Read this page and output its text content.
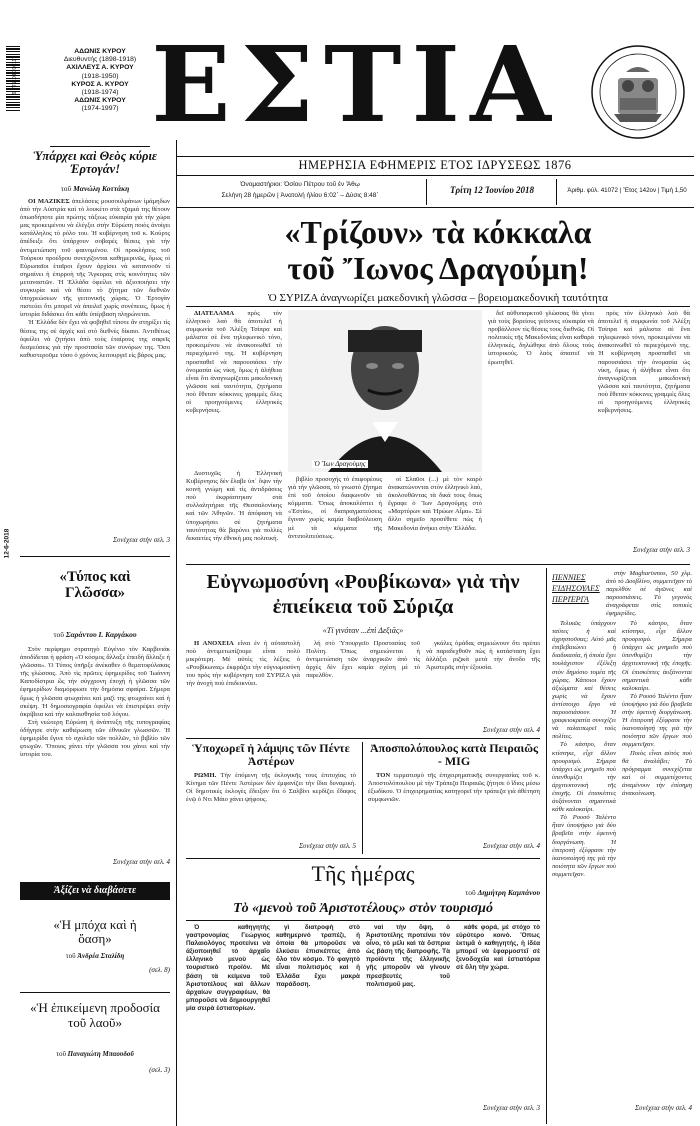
9 771109 700117
ΑΔΩΝΙΣ ΚΥΡΟΥ
Διευθυντής (1898-1918)
ΑΧΙΛΛΕΥΣ Α. ΚΥΡΟΥ
(1918-1950)
ΚΥΡΟΣ Α. ΚΥΡΟΥ
(1918-1974)
ΑΔΩΝΙΣ ΚΥΡΟΥ
(1974-1997) ΕΣΤΙΑ
ΗΜΕΡΗΣΙΑ ΕΦΗΜΕΡΙΣ ΕΤΟΣ ΙΔΡΥΣΕΩΣ 1876
Ὀνομαστήριοι: Ὁσίου Πέτρου τοῦ ἐν Ἄθῳ
Σελήνη 28 ἡμερῶν | Ἀνατολή ἡλίου 6:02΄ – Δύσις 8:48΄
Τρίτη 12 Ἰουνίου 2018	Ἀριθμ. φύλ. 41072 | Ἔτος 142ον | Τιμή 1,50
12-6-2018
Ὑπάρχει καὶ Θεὸς κύριε Ἐρτογάν!
τοῦ Μανώλη Κοττάκη

ΟΙ ΜΑΖΙΚΕΣ ἀπελάσεις μουσουλμάνων ἰμάμηδων ἀπὸ τὴν Αὐστρία καὶ τὸ λουκέτο στὰ τζαμιά της θέτουν ὁπωσδήποτε μία πρώτης τάξεως εὐκαιρία γιὰ τὴν χώρα μας προκειμένου νὰ ἐλέγξει στὴν Εὐρώπη ποιὸς ἀνοίγει κατάλληλος τὸ ρόλο του. Ἡ κυβέρνηση τοῦ κ. Κούρτς ἀπέδειξε ὅτι ὑπάρχουν σοβαρὲς θέσεις γιὰ τὴν ἀντιμετώπιση τοῦ φαινομένου. Οἱ προκλήσεις τοῦ Τούρκου προέδρου συνεχίζονται καθημερινῶς, ὅμως οἱ Εὐρωπαῖοι ἑταῖροι ἔχουν ἀρχίσει νὰ κατανοοῦν τί σημαίνει ἡ ἐπιρροὴ τῆς Ἄγκυρας στὶς κοινότητες τῶν μεταναστῶν. Ἡ Ἑλλάδα ὀφείλει νὰ ἀξιοποιήσει τὴν συγκυρία καὶ νὰ θέσει τὸ ζήτημα τῶν διεθνῶν ὑποχρεώσεων τῆς γειτονικῆς χώρας. Ὁ Ἐρτογὰν πιστεύει ὅτι μπορεῖ νὰ ἀπειλεῖ χωρὶς συνέπειες, ὅμως ἡ ἱστορία διδάσκει ὅτι κάθε ὑπέρβαση πληρώνεται.

Ἡ Ἑλλάδα δὲν ἔχει νὰ φοβηθεῖ τίποτε ἂν στηρίξει τὶς θέσεις της σὲ ἀρχὲς καὶ στὸ διεθνὲς δίκαιο. Ἀντιθέτως ὀφείλει νὰ ζητήσει ἀπὸ τοὺς ἑταίρους της σαφεῖς δεσμεύσεις γιὰ τὴν προστασία τῶν συνόρων της. Ὅσο καθυστεροῦμε τόσο ὁ χρόνος λειτουργεῖ εἰς βάρος μας.

Συνέχεια στὴν σελ. 3
«Τύπος καὶ Γλῶσσα»
τοῦ Σαράντου Ι. Καργάκου

Στὸν περίφημο στρατηγὸ Εὐγένιο τὸν Καρβινιάκ ἀποδίδεται ἡ φράση «Ὁ κόσμος ἄλλαξε ἐπειδὴ ἄλλαξε ἡ γλῶσσα». Ὁ Τύπος ὑπῆρξε ἀνέκαθεν ὁ θεματοφύλακας τῆς γλώσσας. Ἀπὸ τὶς πρῶτες ἐφημερίδες τοῦ Ἰωάννη Καποδίστρια ὣς τὴν σύγχρονη ἐποχὴ ἡ γλῶσσα τῶν ἐφημερίδων διαμόρφωσε τὴν δημόσια σφαίρα. Σήμερα ὅμως ἡ γλῶσσα φτωχαίνει καὶ μαζὶ της φτωχαίνει καὶ ἡ σκέψη. Ἡ δημοσιογραφία ὀφείλει νὰ ἐπιστρέψει στὴν ἀκρίβεια καὶ τὴν καλαισθησία τοῦ λόγου.

Στὴ νεώτερη Εὐρώπη ἡ ἀνάπτυξη τῆς τυπογραφίας ὁδήγησε στὴν καθιέρωση τῶν ἐθνικῶν γλωσσῶν. Ἡ ἐφημερίδα ἔγινε τὸ σχολεῖο τῶν πολλῶν, τὸ βιβλίο τῶν φτωχῶν. Ὅποιος χάνει τὴν γλῶσσα του χάνει καὶ τὴν ἱστορία του.

Συνέχεια στὴν σελ. 4
Ἀξίζει νὰ διαβάσετε
«Ἡ μπόχα καὶ ἡ ὄαση»
τοῦ Ἀνδρέα Σταλίδη
(σελ. 8)
«Ἡ ἐπικείμενη προδοσία τοῦ λαοῦ»
τοῦ Παναγιώτη Μπαουδοῦ
(σελ. 3)
«Τρίζουν» τὰ κόκκαλα
τοῦ Ἴωνος Δραγούμη!
Ὁ ΣΥΡΙΖΑ ἀναγνωρίζει μακεδονικὴ γλῶσσα – βορειομακεδονικὴ ταυτότητα

ΔΙΑΤΕΛΑΜΑ πρὸς τὸν ἑλληνικὸ λαὸ θὰ ἀποτελεῖ ἡ συμφωνία τοῦ Ἀλέξη Τσίπρα καὶ μάλιστα σὲ ἕνα τηλεφωνικὸ τόνο, προκειμένου νὰ ἀνακοινωθεῖ τὸ περιεχόμενό της. Ἡ κυβέρνηση προσπαθεῖ νὰ παρουσιάσει τὴν ὀνομασία ὡς νίκη, ὅμως ἡ ἀλήθεια εἶναι ὅτι ἀναγνωρίζεται μακεδονικὴ γλῶσσα καὶ ταυτότητα, ζητήματα ποὺ ἔθεταν κόκκινες γραμμὲς ὅλες οἱ προηγούμενες ἑλληνικὲς κυβερνήσεις.

Δυστυχῶς ἡ Ἑλληνικὴ Κυβέρνησις δὲν ἔλαβε ὑπ᾽ ὄψιν τὴν κοινὴ γνώμη καὶ τὶς ἀντιδράσεις ποὺ ἐκφράστηκαν στὰ συλλαλητήρια τῆς Θεσσαλονίκης καὶ τῶν Ἀθηνῶν. Ἡ ἀπόφαση νὰ ὑποχωρήσει σὲ ζητήματα ταυτότητας θὰ βαρύνει γιὰ πολλὲς δεκαετίες τὴν ἐθνικὴ μας πολιτική.

Ὁ Ἴων Δραγούμης

βιβλίο προσοχής τὸ ἐπιφορέους γιὰ τὴν γλῶσσα, τὸ γνωστὸ ζήτημα ἐπὶ τοῦ ὁποίου διαφωνοῦν τὰ κόμματα. Ὅπως ἀποκαλύπτει ἡ «Ἑστία», οἱ διαπραγματεύσεις ἔγιναν χωρὶς καμία διαβούλευση μὲ τὰ κόμματα τῆς ἀντιπολιτεύσεως.

οἱ Σλαῦοι (...) μὲ τὸν καιρὸ ἀνακατώνονται στὸν ἑλληνικὸ λαὸ, ἀκολουθῶντας τὰ δικά τους ὅπως ἔγραφε ὁ Ἴων Δραγούμης στὸ «Μαρτύρων καὶ Ἡρώων Αἷμα». Σὲ ἄλλο σημεῖο προσέθετε πὼς ἡ Μακεδονία ἀνήκει στὴν Ἑλλάδα.

δεῖ αὐθυπαρκτοῦ γλώσσας θὰ γίνει γιὰ τοὺς βορείους γείτονες εὐκαιρία νὰ προβάλλουν τὶς θέσεις τους διεθνῶς. Οἱ πολιτικὲς τῆς Μακεδονίας εἶναι καθαρὰ ἑλληνικὲς, δηλώθηκε ἀπὸ ὅλους τοὺς ἱστορικοὺς. Ὁ λαὸς ἀπαιτεῖ νὰ ἐρωτηθεῖ.

πρὸς τὸν ἑλληνικὸ λαὸ θὰ ἀποτελεῖ ἡ συμφωνία τοῦ Ἀλέξη Τσίπρα καὶ μάλιστα σὲ ἕνα τηλεφωνικὸ τόνο, προκειμένου νὰ ἀνακοινωθεῖ τὸ περιεχόμενό της. Ἡ κυβέρνηση προσπαθεῖ νὰ παρουσιάσει τὴν ὀνομασία ὡς νίκη, ὅμως ἡ ἀλήθεια εἶναι ὅτι ἀναγνωρίζεται μακεδονικὴ γλῶσσα καὶ ταυτότητα, ζητήματα ποὺ ἔθεταν κόκκινες γραμμὲς ὅλες οἱ προηγούμενες ἑλληνικὲς κυβερνήσεις.

Συνέχεια στὴν σελ. 3
Εὐγνωμοσύνη «Ρουβίκωνα» γιὰ τὴν ἐπιείκεια τοῦ Σύριζα
«Τί γινόταν ...ἐπὶ Δεξιᾶς»

Η ΑΝΟΧΕΙΑ εἶναι ἐν ἡ αὐταστολὴ ποὺ ἀντιμετωπίζουμε εἶναι πολὺ μικρότερη. Μὲ αὐτὲς τὶς λέξεις ὁ «Ρουβίκωνας» ἐκφράζει τὴν εὐγνωμοσύνη του πρὸς τὴν κυβέρνηση τοῦ ΣΥΡΙΖΑ γιὰ τὴν ἀνοχὴ ποὺ ἐπιδεικνύει.

λή στὸ Ὑπουργεῖο Προστασίας τοῦ Πολίτη. Ὅπως σημειώνεται ἡ ἀντιμετώπιση τῶν ἀναρχικῶν ἀπὸ τὶς ἀρχὲς δὲν ἔχει καμία σχέση μὲ τὸ παρελθὸν.

γκάλες ὁμάδας σημειώνουν ὅτι πρέπει νὰ παραδεχθοῦν πὼς ἡ κατάσταση ἔχει ἀλλάξει ριζικὰ μετὰ τὴν ἄνοδο τῆς Ἀριστερᾶς στὴν ἐξουσία.

Συνέχεια στὴν σελ. 4
Ὑποχωρεῖ ἡ λάμψις τῶν Πέντε Ἀστέρων

ΡΩΜΗ. Τὴν ἐπόμενη τῆς ἐκλογικῆς τους ἐπιτυχίας τὸ Κίνημα τῶν Πέντε Ἀστέρων δὲν ἐμφανίζει τὴν ἴδια δυναμική. Οἱ δημοτικὲς ἐκλογὲς ἔδειξαν ὅτι ὁ Σαλβίνι κερδίζει ἔδαφος ἐνῷ ὁ Ντι Μάιο χάνει ψήφους.

Συνέχεια στὴν σελ. 5
Ἀποσπολόπουλος κατὰ Πειραιῶς - MIG

ΤΟΝ τερματισμὸ τῆς ἐπιχειρηματικῆς συνεργασίας τοῦ κ. Ἀποστολόπουλου μὲ τὴν Τράπεζα Πειραιῶς ζήτησε ὁ ἴδιος μέσω ἐξωδίκου. Ὁ ἐπιχειρηματίας κατηγορεῖ τὴν τράπεζα γιὰ ἀθέτηση συμφωνιῶν.

Συνέχεια στὴν σελ. 4
ΠΕΝΝΙΕΣ ΕἸΔΉΣΟΥΛΕΣ ΠΕΡΙΈΡΓΑ

στὴν Magharismos, 50 χλμ. ἀπὸ τὸ Δουβλίνο, συμμετεῖχαν τὸ παρελθόν σὲ ἀγῶνες καὶ παρουσιάσεις. Τὸ γεγονὸς ἀναγράφεται στὶς τοπικὲς ἐφημερίδες.

Τελικῶς ὑπάρχουν ταύτες ἡ καὶ ἀχρηστοῦσας; Αὐτὸ μᾶς ἐπιβεβαιώνει ἡ διαδικασία, ἡ ὁποία ἔχει τουλάχιστον ἐξέλιξη στὸν δημόσιο τομέα τῆς χώρας. Κάποιοι ἔχουν ἀξιώματα καὶ θέσεις χωρὶς νὰ ἔχουν ἀντίστοιχο ἔργο νὰ παρουσιάσουν. Ἡ γραφειοκρατία συνεχίζει νὰ ταλαιπωρεῖ τοὺς πολίτες.

Τὸ κάστρο, ὅταν κτίστηκε, εἶχε ἄλλον προορισμὸ. Σήμερα ὑπάρχει ὡς μνημεῖο ποὺ ὑπενθυμίζει τὴν ἀρχιτεκτονικὴ τῆς ἐποχῆς. Οἱ ἐπισκέπτες ἀυξάνονται σημαντικὰ κάθε καλοκαίρι.

Τὸ Ρουσό Ταλέντο ἦταν ὑποψήφιο γιὰ δύο βραβεῖα στὴν ἐφετινὴ διοργάνωση. Ἡ ἐπιτροπὴ ἐξέφρασε τὴν ἱκανοποίησή της γιὰ τὴν ποιότητα τῶν ἔργων ποὺ συμμετεῖχαν.

Τὸ κάστρο, ὅταν κτίστηκε, εἶχε ἄλλον προορισμὸ. Σήμερα ὑπάρχει ὡς μνημεῖο ποὺ ὑπενθυμίζει τὴν ἀρχιτεκτονικὴ τῆς ἐποχῆς. Οἱ ἐπισκέπτες ἀυξάνονται σημαντικὰ κάθε καλοκαίρι.

Τὸ Ρουσό Ταλέντο ἦταν ὑποψήφιο γιὰ δύο βραβεῖα στὴν ἐφετινὴ διοργάνωση. Ἡ ἐπιτροπὴ ἐξέφρασε τὴν ἱκανοποίησή της γιὰ τὴν ποιότητα τῶν ἔργων ποὺ συμμετεῖχαν.

Ποιὸς εἶναι αὐτὸς ποὺ θὰ ἀναλάβει; Τὸ πρόγραμμα συνεχίζεται καὶ οἱ συμμετέχοντες ἀναμένουν τὴν ἐπίσημη ἀνακοίνωση.

Συνέχεια στὴν σελ. 4
Τῆς ἡμέρας
τοῦ Δημήτρη Καμπάνου
Τὸ «μενοὺ τοῦ Ἀριστοτέλους» στὸν τουρισμό

Ὁ καθηγητὴς γαστρονομίας Γεώργιος Παλαιολόγος προτείνει νὰ ἀξιοποιηθεῖ τὸ ἀρχαῖο ἑλληνικὸ μενοὺ ὡς τουριστικὸ προϊόν. Μὲ βάση τὰ κείμενα τοῦ Ἀριστοτέλους καὶ ἄλλων ἀρχαίων συγγραφέων, θὰ μποροῦσε νὰ δημιουργηθεῖ μία σειρὰ ἐστιατορίων.

γὶ διατροφὴ στὸ καθημερινό τραπέζι, ἡ ὁποία θὰ μποροῦσε νὰ ἑλκύσει ἐπισκέπτες ἀπὸ ὅλο τὸν κόσμο. Τὸ φαγητὸ εἶναι πολιτισμὸς καὶ ἡ Ἑλλάδα ἔχει μακρὰ παράδοση.

ναὶ τὴν ὄψη, ὁ Ἀριστοτέλης προτείνει τὸν οἶνο, τὸ μέλι καὶ τὰ ὄσπρια ὡς βάση τῆς διατροφῆς. Τὰ προϊόντα τῆς ἑλληνικῆς γῆς μποροῦν νὰ γίνουν πρεσβευτὲς τοῦ πολιτισμοῦ μας.

κάθε φορά, μὲ στόχο τὸ εὐρύτερο κοινὸ. Ὅπως ἐκτιμᾶ ὁ καθηγητής, ἡ ἰδέα μπορεῖ νὰ ἐφαρμοστεῖ σὲ ξενοδοχεῖα καὶ ἑστιατόρια σὲ ὅλη τὴν χώρα.

Συνέχεια στὴν σελ. 3
